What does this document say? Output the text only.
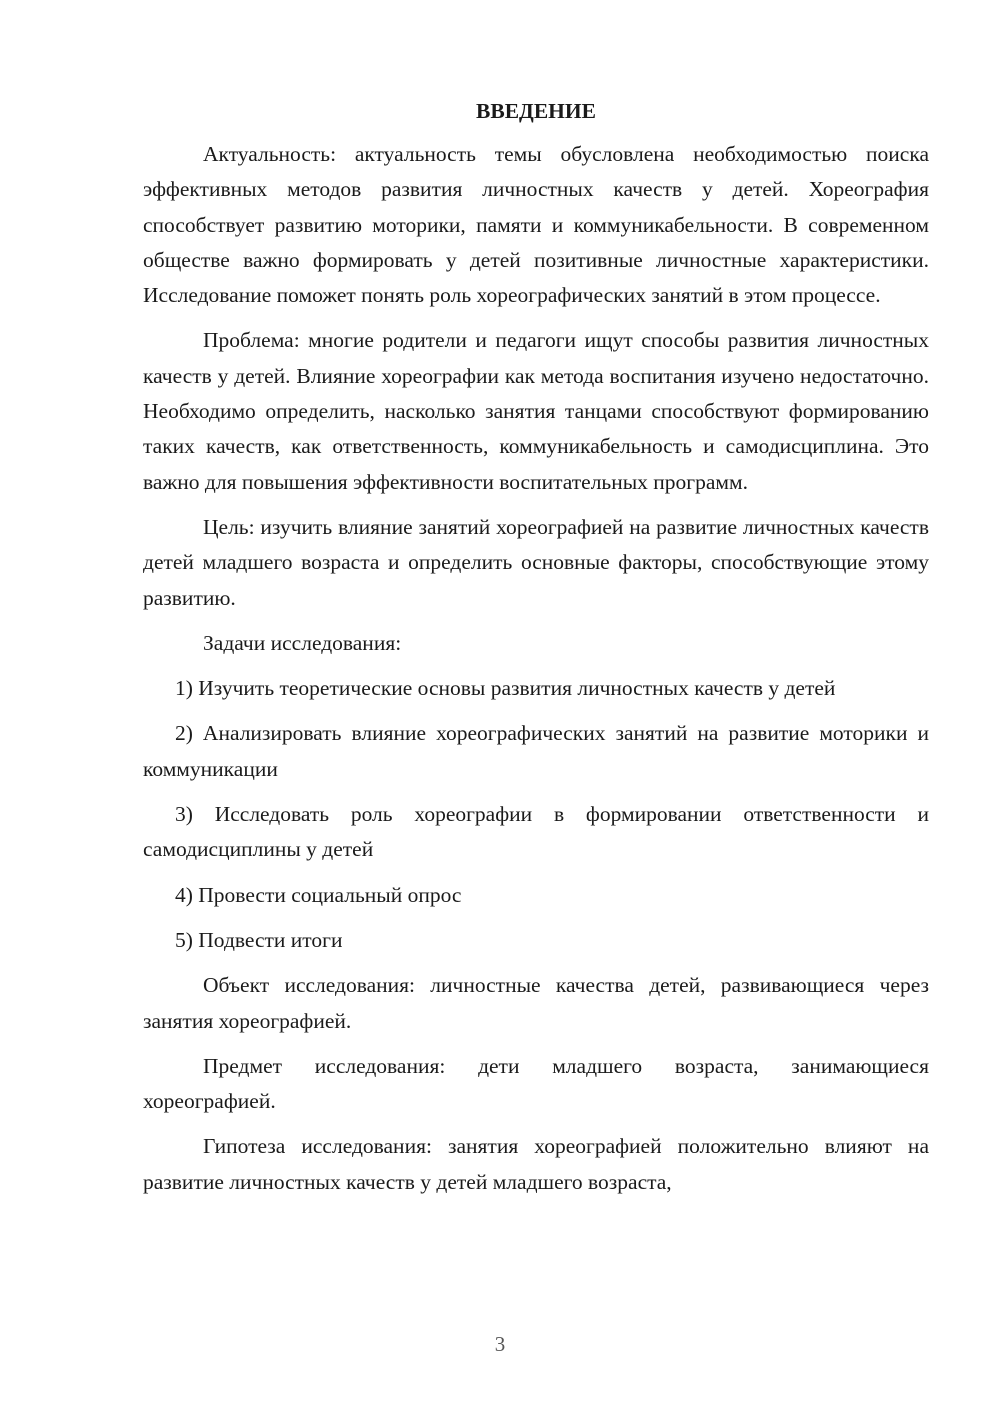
ВВЕДЕНИЕ

Актуальность: актуальность темы обусловлена необходимостью поиска эффективных методов развития личностных качеств у детей. Хореография способствует развитию моторики, памяти и коммуникабельности. В современном обществе важно формировать у детей позитивные личностные характеристики. Исследование поможет понять роль хореографических занятий в этом процессе.

Проблема: многие родители и педагоги ищут способы развития личностных качеств у детей. Влияние хореографии как метода воспитания изучено недостаточно. Необходимо определить, насколько занятия танцами способствуют формированию таких качеств, как ответственность, коммуникабельность и самодисциплина. Это важно для повышения эффективности воспитательных программ.

Цель: изучить влияние занятий хореографией на развитие личностных качеств детей младшего возраста и определить основные факторы, способствующие этому развитию.

Задачи исследования:

1) Изучить теоретические основы развития личностных качеств у детей

2) Анализировать влияние хореографических занятий на развитие моторики и коммуникации

3) Исследовать роль хореографии в формировании ответственности и самодисциплины у детей

4) Провести социальный опрос

5) Подвести итоги

Объект исследования: личностные качества детей, развивающиеся через занятия хореографией.

Предмет исследования: дети младшего возраста, занимающиеся хореографией.

Гипотеза исследования: занятия хореографией положительно влияют на развитие личностных качеств у детей младшего возраста,

3
